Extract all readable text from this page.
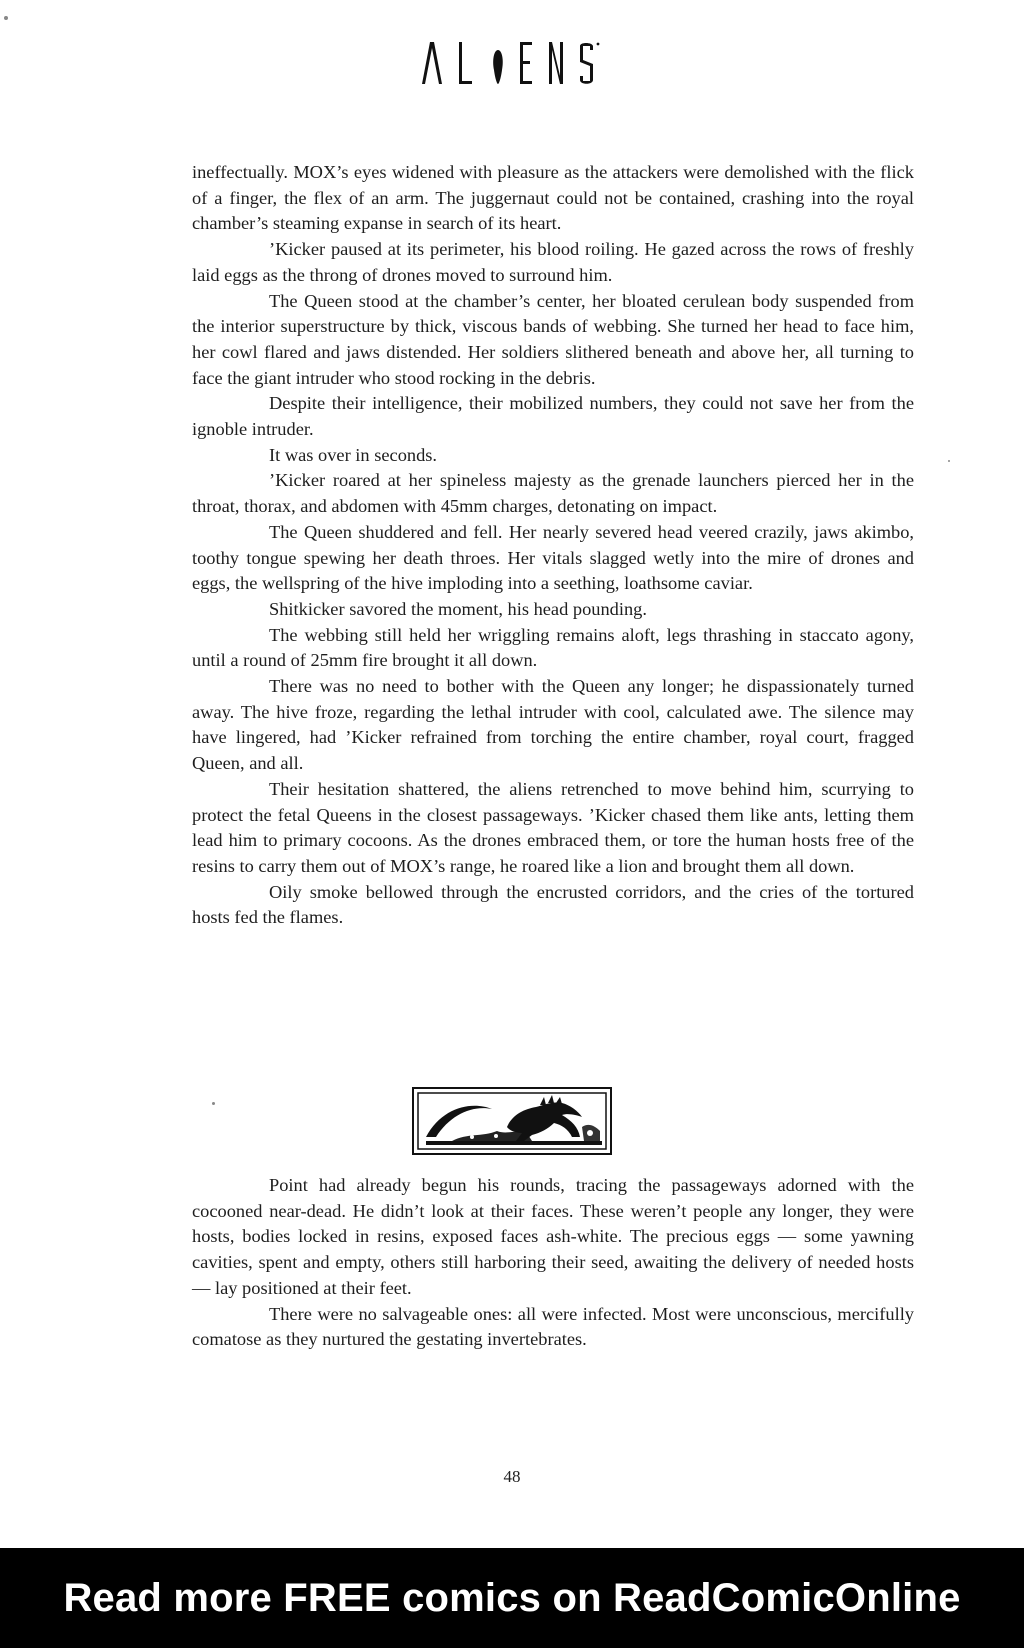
ineffectually. MOX’s eyes widened with pleasure as the attackers were demolished with the flick of a finger, the flex of an arm. The juggernaut could not be contained, crashing into the royal chamber’s steaming expanse in search of its heart.

’Kicker paused at its perimeter, his blood roiling. He gazed across the rows of freshly laid eggs as the throng of drones moved to surround him.

The Queen stood at the chamber’s center, her bloated cerulean body suspended from the interior superstructure by thick, viscous bands of webbing. She turned her head to face him, her cowl flared and jaws distended. Her soldiers slithered beneath and above her, all turning to face the giant intruder who stood rocking in the debris.

Despite their intelligence, their mobilized numbers, they could not save her from the ignoble intruder.

It was over in seconds.

’Kicker roared at her spineless majesty as the grenade launchers pierced her in the throat, thorax, and abdomen with 45mm charges, detonating on impact.

The Queen shuddered and fell. Her nearly severed head veered crazily, jaws akimbo, toothy tongue spewing her death throes. Her vitals slagged wetly into the mire of drones and eggs, the wellspring of the hive imploding into a seething, loathsome caviar.

Shitkicker savored the moment, his head pounding.

The webbing still held her wriggling remains aloft, legs thrashing in staccato agony, until a round of 25mm fire brought it all down.

There was no need to bother with the Queen any longer; he dispassionately turned away. The hive froze, regarding the lethal intruder with cool, calculated awe. The silence may have lingered, had ’Kicker refrained from torching the entire chamber, royal court, fragged Queen, and all.

Their hesitation shattered, the aliens retrenched to move behind him, scurrying to protect the fetal Queens in the closest passageways. ’Kicker chased them like ants, letting them lead him to primary cocoons. As the drones embraced them, or tore the human hosts free of the resins to carry them out of MOX’s range, he roared like a lion and brought them all down.

Oily smoke bellowed through the encrusted corridors, and the cries of the tortured hosts fed the flames.

Point had already begun his rounds, tracing the passageways adorned with the cocooned near-dead. He didn’t look at their faces. These weren’t people any longer, they were hosts, bodies locked in resins, exposed faces ash-white. The precious eggs — some yawning cavities, spent and empty, others still harboring their seed, awaiting the delivery of needed hosts — lay positioned at their feet.

There were no salvageable ones: all were infected. Most were unconscious, mercifully comatose as they nurtured the gestating invertebrates.

48
Read more FREE comics on ReadComicOnline
